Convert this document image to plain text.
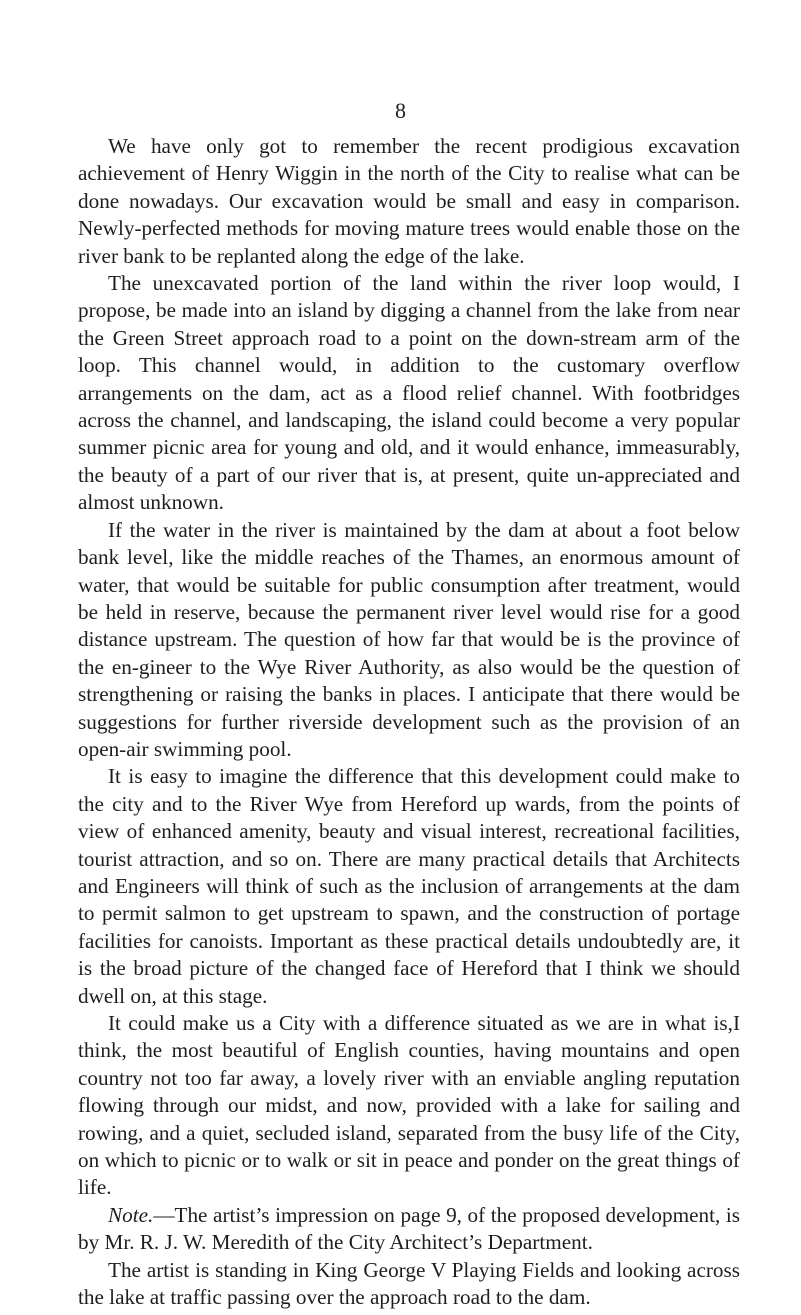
8

We have only got to remember the recent prodigious excavation achievement of Henry Wiggin in the north of the City to realise what can be done nowadays. Our excavation would be small and easy in comparison. Newly-perfected methods for moving mature trees would enable those on the river bank to be replanted along the edge of the lake.

The unexcavated portion of the land within the river loop would, I propose, be made into an island by digging a channel from the lake from near the Green Street approach road to a point on the down-stream arm of the loop. This channel would, in addition to the customary overflow arrangements on the dam, act as a flood relief channel. With footbridges across the channel, and landscaping, the island could become a very popular summer picnic area for young and old, and it would enhance, immeasurably, the beauty of a part of our river that is, at present, quite un-appreciated and almost unknown.

If the water in the river is maintained by the dam at about a foot below bank level, like the middle reaches of the Thames, an enormous amount of water, that would be suitable for public consumption after treatment, would be held in reserve, because the permanent river level would rise for a good distance upstream. The question of how far that would be is the province of the en-gineer to the Wye River Authority, as also would be the question of strengthening or raising the banks in places. I anticipate that there would be suggestions for further riverside development such as the provision of an open-air swimming pool.

It is easy to imagine the difference that this development could make to the city and to the River Wye from Hereford up wards, from the points of view of enhanced amenity, beauty and visual interest, recreational facilities, tourist attraction, and so on. There are many practical details that Architects and Engineers will think of such as the inclusion of arrangements at the dam to permit salmon to get upstream to spawn, and the construction of portage facilities for canoists. Important as these practical details undoubtedly are, it is the broad picture of the changed face of Hereford that I think we should dwell on, at this stage.

It could make us a City with a difference situated as we are in what is,I think, the most beautiful of English counties, having mountains and open country not too far away, a lovely river with an enviable angling reputation flowing through our midst, and now, provided with a lake for sailing and rowing, and a quiet, secluded island, separated from the busy life of the City, on which to picnic or to walk or sit in peace and ponder on the great things of life.

Note.—The artist’s impression on page 9, of the proposed development, is by Mr. R. J. W. Meredith of the City Architect’s Department.

The artist is standing in King George V Playing Fields and looking across the lake at traffic passing over the approach road to the dam.
